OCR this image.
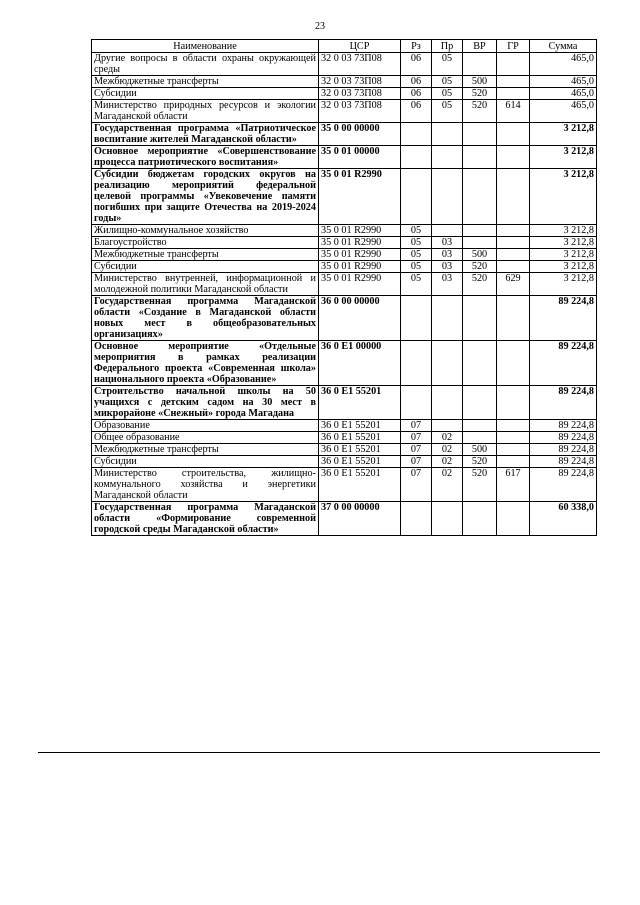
23
Наименование	ЦСР	Рз	Пр	ВР	ГР	Сумма
Другие вопросы в области охраны окружающей среды	32 0 03 73П08	06	05			465,0
Межбюджетные трансферты	32 0 03 73П08	06	05	500		465,0
Субсидии	32 0 03 73П08	06	05	520		465,0
Министерство природных ресурсов и экологии Магаданской области	32 0 03 73П08	06	05	520	614	465,0
Государственная программа «Патриотическое воспитание жителей Магаданской области»	35 0 00 00000					3 212,8
Основное мероприятие «Совершенствование процесса патриотического воспитания»	35 0 01 00000					3 212,8
Субсидии бюджетам городских округов на реализацию мероприятий федеральной целевой программы «Увековечение памяти погибших при защите Отечества на 2019-2024 годы»	35 0 01 R2990					3 212,8
Жилищно-коммунальное хозяйство	35 0 01 R2990	05				3 212,8
Благоустройство	35 0 01 R2990	05	03			3 212,8
Межбюджетные трансферты	35 0 01 R2990	05	03	500		3 212,8
Субсидии	35 0 01 R2990	05	03	520		3 212,8
Министерство внутренней, информационной и молодежной политики Магаданской области	35 0 01 R2990	05	03	520	629	3 212,8
Государственная программа Магаданской области «Создание в Магаданской области новых мест в общеобразовательных организациях»	36 0 00 00000					89 224,8
Основное мероприятие «Отдельные мероприятия в рамках реализации Федерального проекта «Современная школа» национального проекта «Образование»	36 0 E1 00000					89 224,8
Строительство начальной школы на 50 учащихся с детским садом на 30 мест в микрорайоне «Снежный» города Магадана	36 0 E1 55201					89 224,8
Образование	36 0 E1 55201	07				89 224,8
Общее образование	36 0 E1 55201	07	02			89 224,8
Межбюджетные трансферты	36 0 E1 55201	07	02	500		89 224,8
Субсидии	36 0 E1 55201	07	02	520		89 224,8
Министерство строительства, жилищно-коммунального хозяйства и энергетики Магаданской области	36 0 E1 55201	07	02	520	617	89 224,8
Государственная программа Магаданской области «Формирование современной городской среды Магаданской области»	37 0 00 00000					60 338,0
